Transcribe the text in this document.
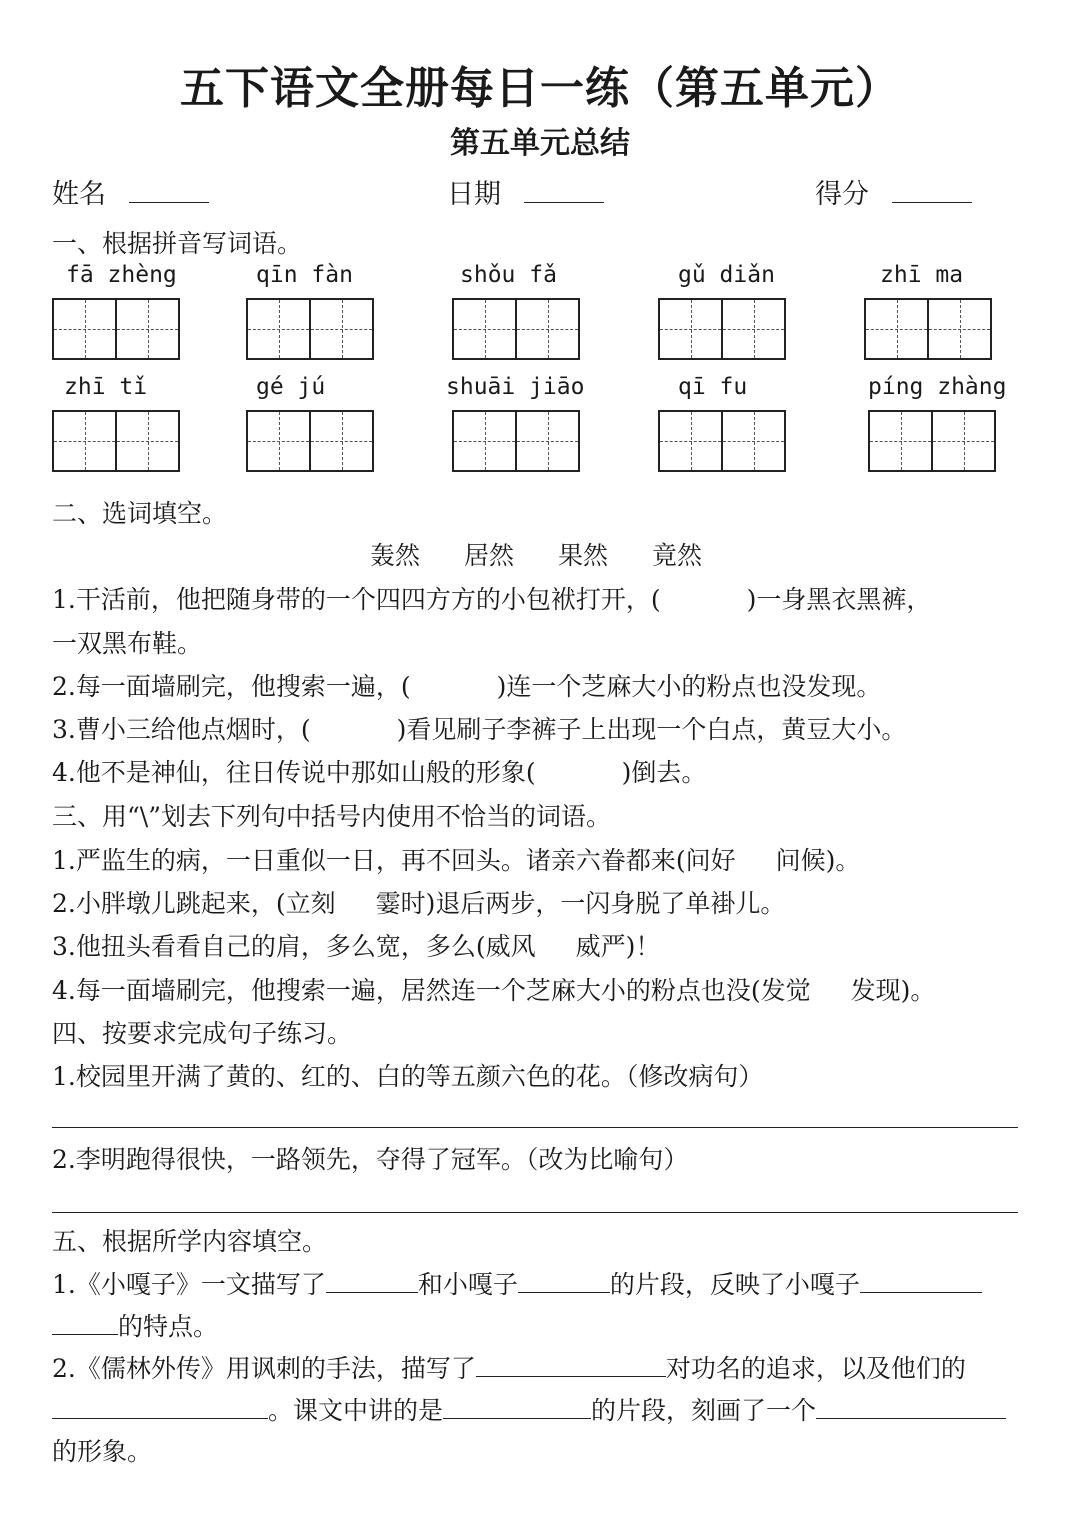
五下语文全册每日一练（第五单元）
第五单元总结
姓名	日期	得分
一、根据拼音写词语。
fā zhèng	qīn fàn	shǒu fǎ	gǔ diǎn	zhī ma
zhī tǐ	gé jú	shuāi jiāo	qī fu	píng zhàng
二、选词填空。
轰然 居然 果然 竟然
1.干活前，他把随身带的一个四四方方的小包袱打开，(	)一身黑衣黑裤，
一双黑布鞋。
2.每一面墙刷完，他搜索一遍，(	)连一个芝麻大小的粉点也没发现。
3.曹小三给他点烟时，(	)看见刷子李裤子上出现一个白点，黄豆大小。
4.他不是神仙，往日传说中那如山般的形象(	)倒去。
三、用“\”划去下列句中括号内使用不恰当的词语。
1.严监生的病，一日重似一日，再不回头。诸亲六眷都来(问好 问候)。
2.小胖墩儿跳起来，(立刻 霎时)退后两步，一闪身脱了单褂儿。
3.他扭头看看自己的肩，多么宽，多么(威风 威严)！
4.每一面墙刷完，他搜索一遍，居然连一个芝麻大小的粉点也没(发觉 发现)。
四、按要求完成句子练习。
1.校园里开满了黄的、红的、白的等五颜六色的花。（修改病句）
2.李明跑得很快，一路领先，夺得了冠军。（改为比喻句）
五、根据所学内容填空。
1.《小嘎子》一文描写了	和小嘎子	的片段，反映了小嘎子
的特点。
2.《儒林外传》用讽刺的手法，描写了	对功名的追求，以及他们的
。课文中讲的是	的片段，刻画了一个
的形象。
